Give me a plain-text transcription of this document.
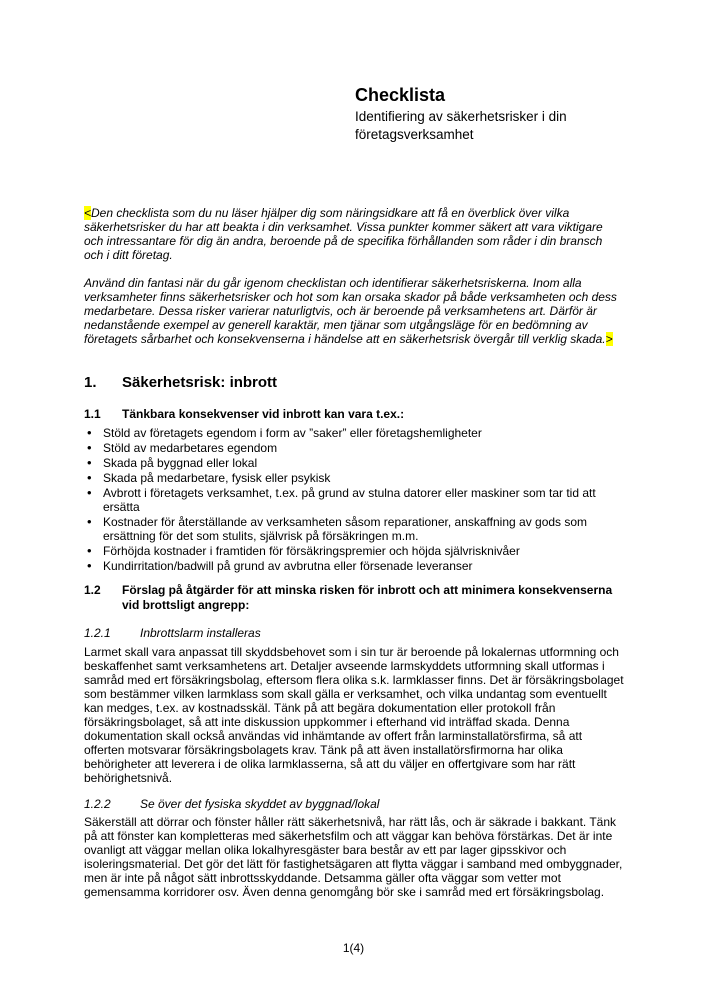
Checklista
Identifiering av säkerhetsrisker i din företagsverksamhet

<Den checklista som du nu läser hjälper dig som näringsidkare att få en överblick över vilka säkerhetsrisker du har att beakta i din verksamhet. Vissa punkter kommer säkert att vara viktigare och intressantare för dig än andra, beroende på de specifika förhållanden som råder i din bransch och i ditt företag.

Använd din fantasi när du går igenom checklistan och identifierar säkerhetsriskerna. Inom alla verksamheter finns säkerhetsrisker och hot som kan orsaka skador på både verksamheten och dess medarbetare. Dessa risker varierar naturligtvis, och är beroende på verksamhetens art. Därför är nedanstående exempel av generell karaktär, men tjänar som utgångsläge för en bedömning av företagets sårbarhet och konsekvenserna i händelse att en säkerhetsrisk övergår till verklig skada.>

1.	Säkerhetsrisk: inbrott
1.1	Tänkbara konsekvenser vid inbrott kan vara t.ex.:
• Stöld av företagets egendom i form av ”saker” eller företagshemligheter
• Stöld av medarbetares egendom
• Skada på byggnad eller lokal
• Skada på medarbetare, fysisk eller psykisk
• Avbrott i företagets verksamhet, t.ex. på grund av stulna datorer eller maskiner som tar tid att ersätta
• Kostnader för återställande av verksamheten såsom reparationer, anskaffning av gods som ersättning för det som stulits, självrisk på försäkringen m.m.
• Förhöjda kostnader i framtiden för försäkringspremier och höjda självrisknivåer
• Kundirritation/badwill på grund av avbrutna eller försenade leveranser
1.2	Förslag på åtgärder för att minska risken för inbrott och att minimera konsekvenserna vid brottsligt angrepp:
1.2.1	Inbrottslarm installeras

Larmet skall vara anpassat till skyddsbehovet som i sin tur är beroende på lokalernas utformning och beskaffenhet samt verksamhetens art. Detaljer avseende larmskyddets utformning skall utformas i samråd med ert försäkringsbolag, eftersom flera olika s.k. larmklasser finns. Det är försäkringsbolaget som bestämmer vilken larmklass som skall gälla er verksamhet, och vilka undantag som eventuellt kan medges, t.ex. av kostnadsskäl. Tänk på att begära dokumentation eller protokoll från försäkringsbolaget, så att inte diskussion uppkommer i efterhand vid inträffad skada. Denna dokumentation skall också användas vid inhämtande av offert från larminstallatörsfirma, så att offerten motsvarar försäkringsbolagets krav. Tänk på att även installatörsfirmorna har olika behörigheter att leverera i de olika larmklasserna, så att du väljer en offertgivare som har rätt behörighetsnivå.

1.2.2	Se över det fysiska skyddet av byggnad/lokal

Säkerställ att dörrar och fönster håller rätt säkerhetsnivå, har rätt lås, och är säkrade i bakkant. Tänk på att fönster kan kompletteras med säkerhetsfilm och att väggar kan behöva förstärkas. Det är inte ovanligt att väggar mellan olika lokalhyresgäster bara består av ett par lager gipsskivor och isoleringsmaterial. Det gör det lätt för fastighetsägaren att flytta väggar i samband med ombyggnader, men är inte på något sätt inbrottsskyddande. Detsamma gäller ofta väggar som vetter mot gemensamma korridorer osv. Även denna genomgång bör ske i samråd med ert försäkringsbolag.

1(4)
